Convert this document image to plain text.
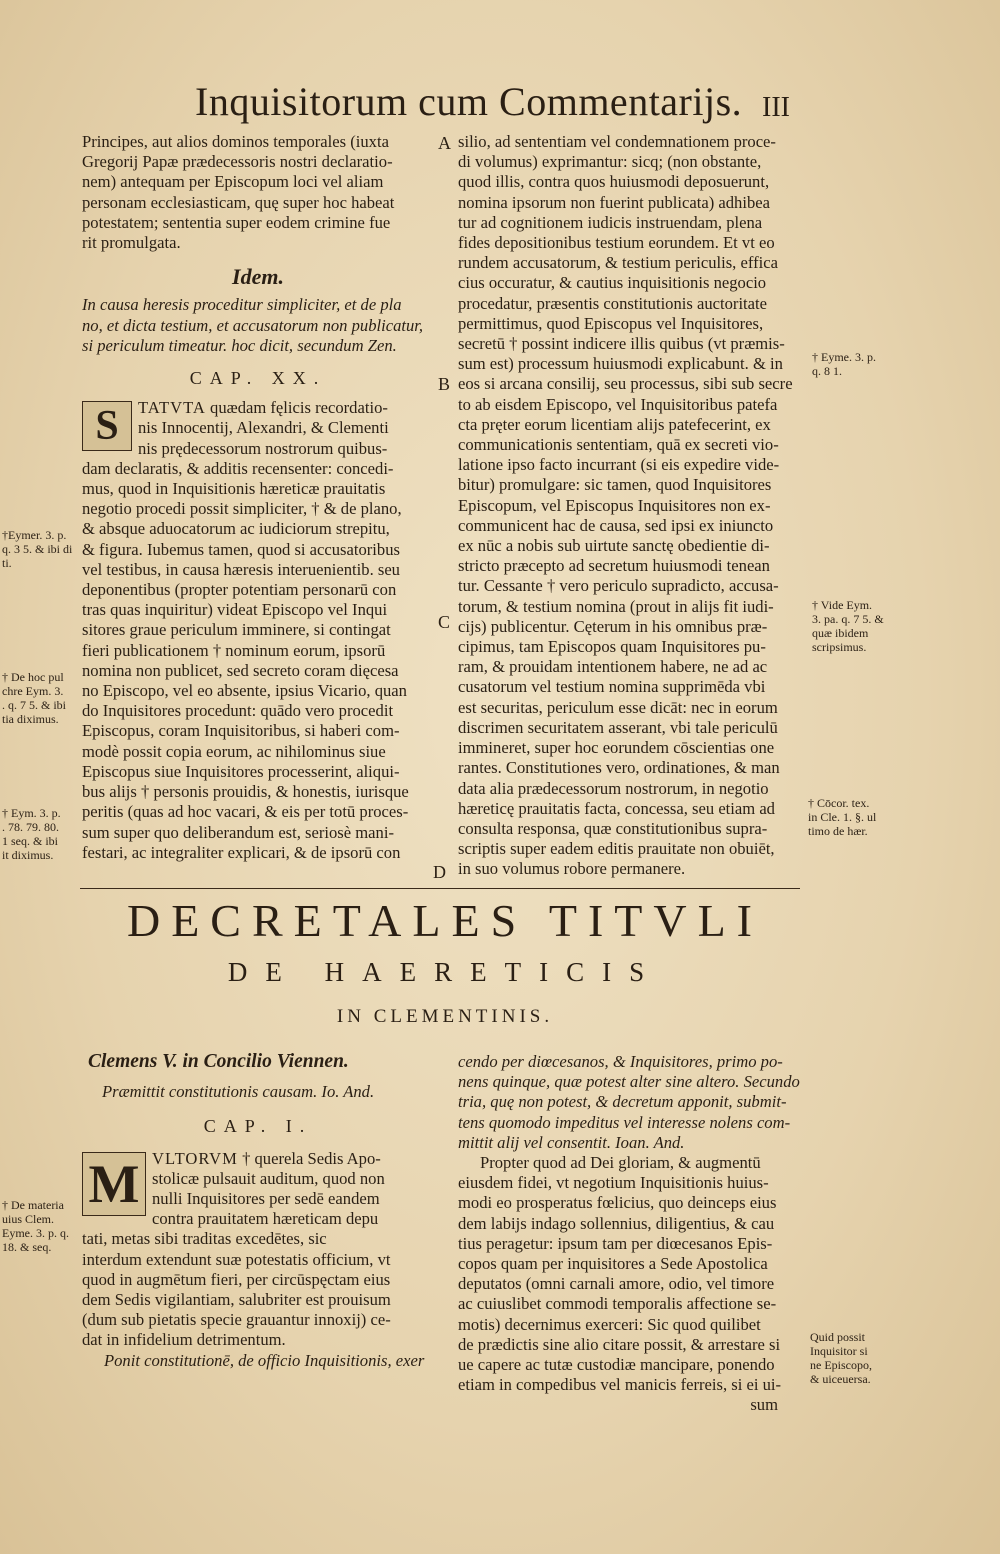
Inquisitorum cum Commentarijs. III

Principes, aut alios dominos temporales (iuxta

Gregorij Papæ prædecessoris nostri declaratio-

nem) antequam per Episcopum loci vel aliam

personam ecclesiasticam, quę super hoc habeat

potestatem; sententia super eodem crimine fue

rit promulgata.

Idem.

In causa heresis proceditur simpliciter, et de pla

no, et dicta testium, et accusatorum non publicatur,

si periculum timeatur. hoc dicit, secundum Zen.

CAP. XX.
S	TATVTA quædam fęlicis recordatio-

nis Innocentij, Alexandri, & Clementi

nis prędecessorum nostrorum quibus-

dam declaratis, & additis recensenter: concedi-

mus, quod in Inquisitionis hæreticæ prauitatis

negotio procedi possit simpliciter, † & de plano,

& absque aduocatorum ac iudiciorum strepitu,

& figura. Iubemus tamen, quod si accusatoribus

vel testibus, in causa hæresis interuenientib. seu

deponentibus (propter potentiam personarū con

tras quas inquiritur) videat Episcopo vel Inqui

sitores graue periculum imminere, si contingat

fieri publicationem † nominum eorum, ipsorū

nomina non publicet, sed secreto coram dięcesa

no Episcopo, vel eo absente, ipsius Vicario, quan

do Inquisitores procedunt: quādo vero procedit

Episcopus, coram Inquisitoribus, si haberi com-

modè possit copia eorum, ac nihilominus siue

Episcopus siue Inquisitores processerint, aliqui-

bus alijs † personis prouidis, & honestis, iurisque

peritis (quas ad hoc vacari, & eis per totū proces-

sum super quo deliberandum est, seriosè mani-

festari, ac integraliter explicari, & de ipsorū con

silio, ad sententiam vel condemnationem proce-

di volumus) exprimantur: sicq; (non obstante,

quod illis, contra quos huiusmodi deposuerunt,

nomina ipsorum non fuerint publicata) adhibea

tur ad cognitionem iudicis instruendam, plena

fides depositionibus testium eorundem. Et vt eo

rundem accusatorum, & testium periculis, effica

cius occuratur, & cautius inquisitionis negocio

procedatur, præsentis constitutionis auctoritate

permittimus, quod Episcopus vel Inquisitores,

secretū † possint indicere illis quibus (vt præmis-

sum est) processum huiusmodi explicabunt. & in

eos si arcana consilij, seu processus, sibi sub secre

to ab eisdem Episcopo, vel Inquisitoribus patefa

cta pręter eorum licentiam alijs patefecerint, ex

communicationis sententiam, quā ex secreti vio-

latione ipso facto incurrant (si eis expedire vide-

bitur) promulgare: sic tamen, quod Inquisitores

Episcopum, vel Episcopus Inquisitores non ex-

communicent hac de causa, sed ipsi ex iniuncto

ex nūc a nobis sub uirtute sanctę obedientie di-

stricto præcepto ad secretum huiusmodi tenean

tur. Cessante † vero periculo supradicto, accusa-

torum, & testium nomina (prout in alijs fit iudi-

cijs) publicentur. Cęterum in his omnibus præ-

cipimus, tam Episcopos quam Inquisitores pu-

ram, & prouidam intentionem habere, ne ad ac

cusatorum vel testium nomina supprimēda vbi

est securitas, periculum esse dicāt: nec in eorum

discrimen securitatem asserant, vbi tale periculū

immineret, super hoc eorundem cōscientias one

rantes. Constitutiones vero, ordinationes, & man

data alia prædecessorum nostrorum, in negotio

hæreticę prauitatis facta, concessa, seu etiam ad

consulta responsa, quæ constitutionibus supra-

scriptis super eadem editis prauitate non obuiēt,

in suo volumus robore permanere.

A
B
C
D
†Eymer. 3. p.
q. 3 5. & ibi di
ti.
† De hoc pul
chre Eym. 3.
. q. 7 5. & ibi
tia diximus.
† Eym. 3. p.
. 78. 79. 80.
1 seq. & ibi
it diximus.
† De materia
uius Clem.
Eyme. 3. p. q.
18. & seq.
† Eyme. 3. p.
q. 8 1.
† Vide Eym.
3. pa. q. 7 5. &
quæ ibidem
scripsimus.
† Cōcor. tex.
in Cle. 1. §. ul
timo de hær.
Quid possit
Inquisitor si
ne Episcopo,
& uiceuersa.
DECRETALES TITVLI
DE HAERETICIS
IN CLEMENTINIS.
Clemens V. in Concilio Viennen.
Præmittit constitutionis causam. Io. And.
CAP. I.
M VLTORVM † querela Sedis Apo-

stolicæ pulsauit auditum, quod non

nulli Inquisitores per sedē eandem

contra prauitatem hæreticam depu

tati, metas sibi traditas excedētes, sic

interdum extendunt suæ potestatis officium, vt

quod in augmētum fieri, per circūspęctam eius

dem Sedis vigilantiam, salubriter est prouisum

(dum sub pietatis specie grauantur innoxij) ce-

dat in infidelium detrimentum.

Ponit constitutionē, de officio Inquisitionis, exer

cendo per diœcesanos, & Inquisitores, primo po-

nens quinque, quæ potest alter sine altero. Secundo

tria, quę non potest, & decretum apponit, submit-

tens quomodo impeditus vel interesse nolens com-

mittit alij vel consentit. Ioan. And.

Propter quod ad Dei gloriam, & augmentū

eiusdem fidei, vt negotium Inquisitionis huius-

modi eo prosperatus fœlicius, quo deinceps eius

dem labijs indago sollennius, diligentius, & cau

tius peragetur: ipsum tam per diœcesanos Epis-

copos quam per inquisitores a Sede Apostolica

deputatos (omni carnali amore, odio, vel timore

ac cuiuslibet commodi temporalis affectione se-

motis) decernimus exerceri: Sic quod quilibet

de prædictis sine alio citare possit, & arrestare si

ue capere ac tutæ custodiæ mancipare, ponendo

etiam in compedibus vel manicis ferreis, si ei ui-

sum
